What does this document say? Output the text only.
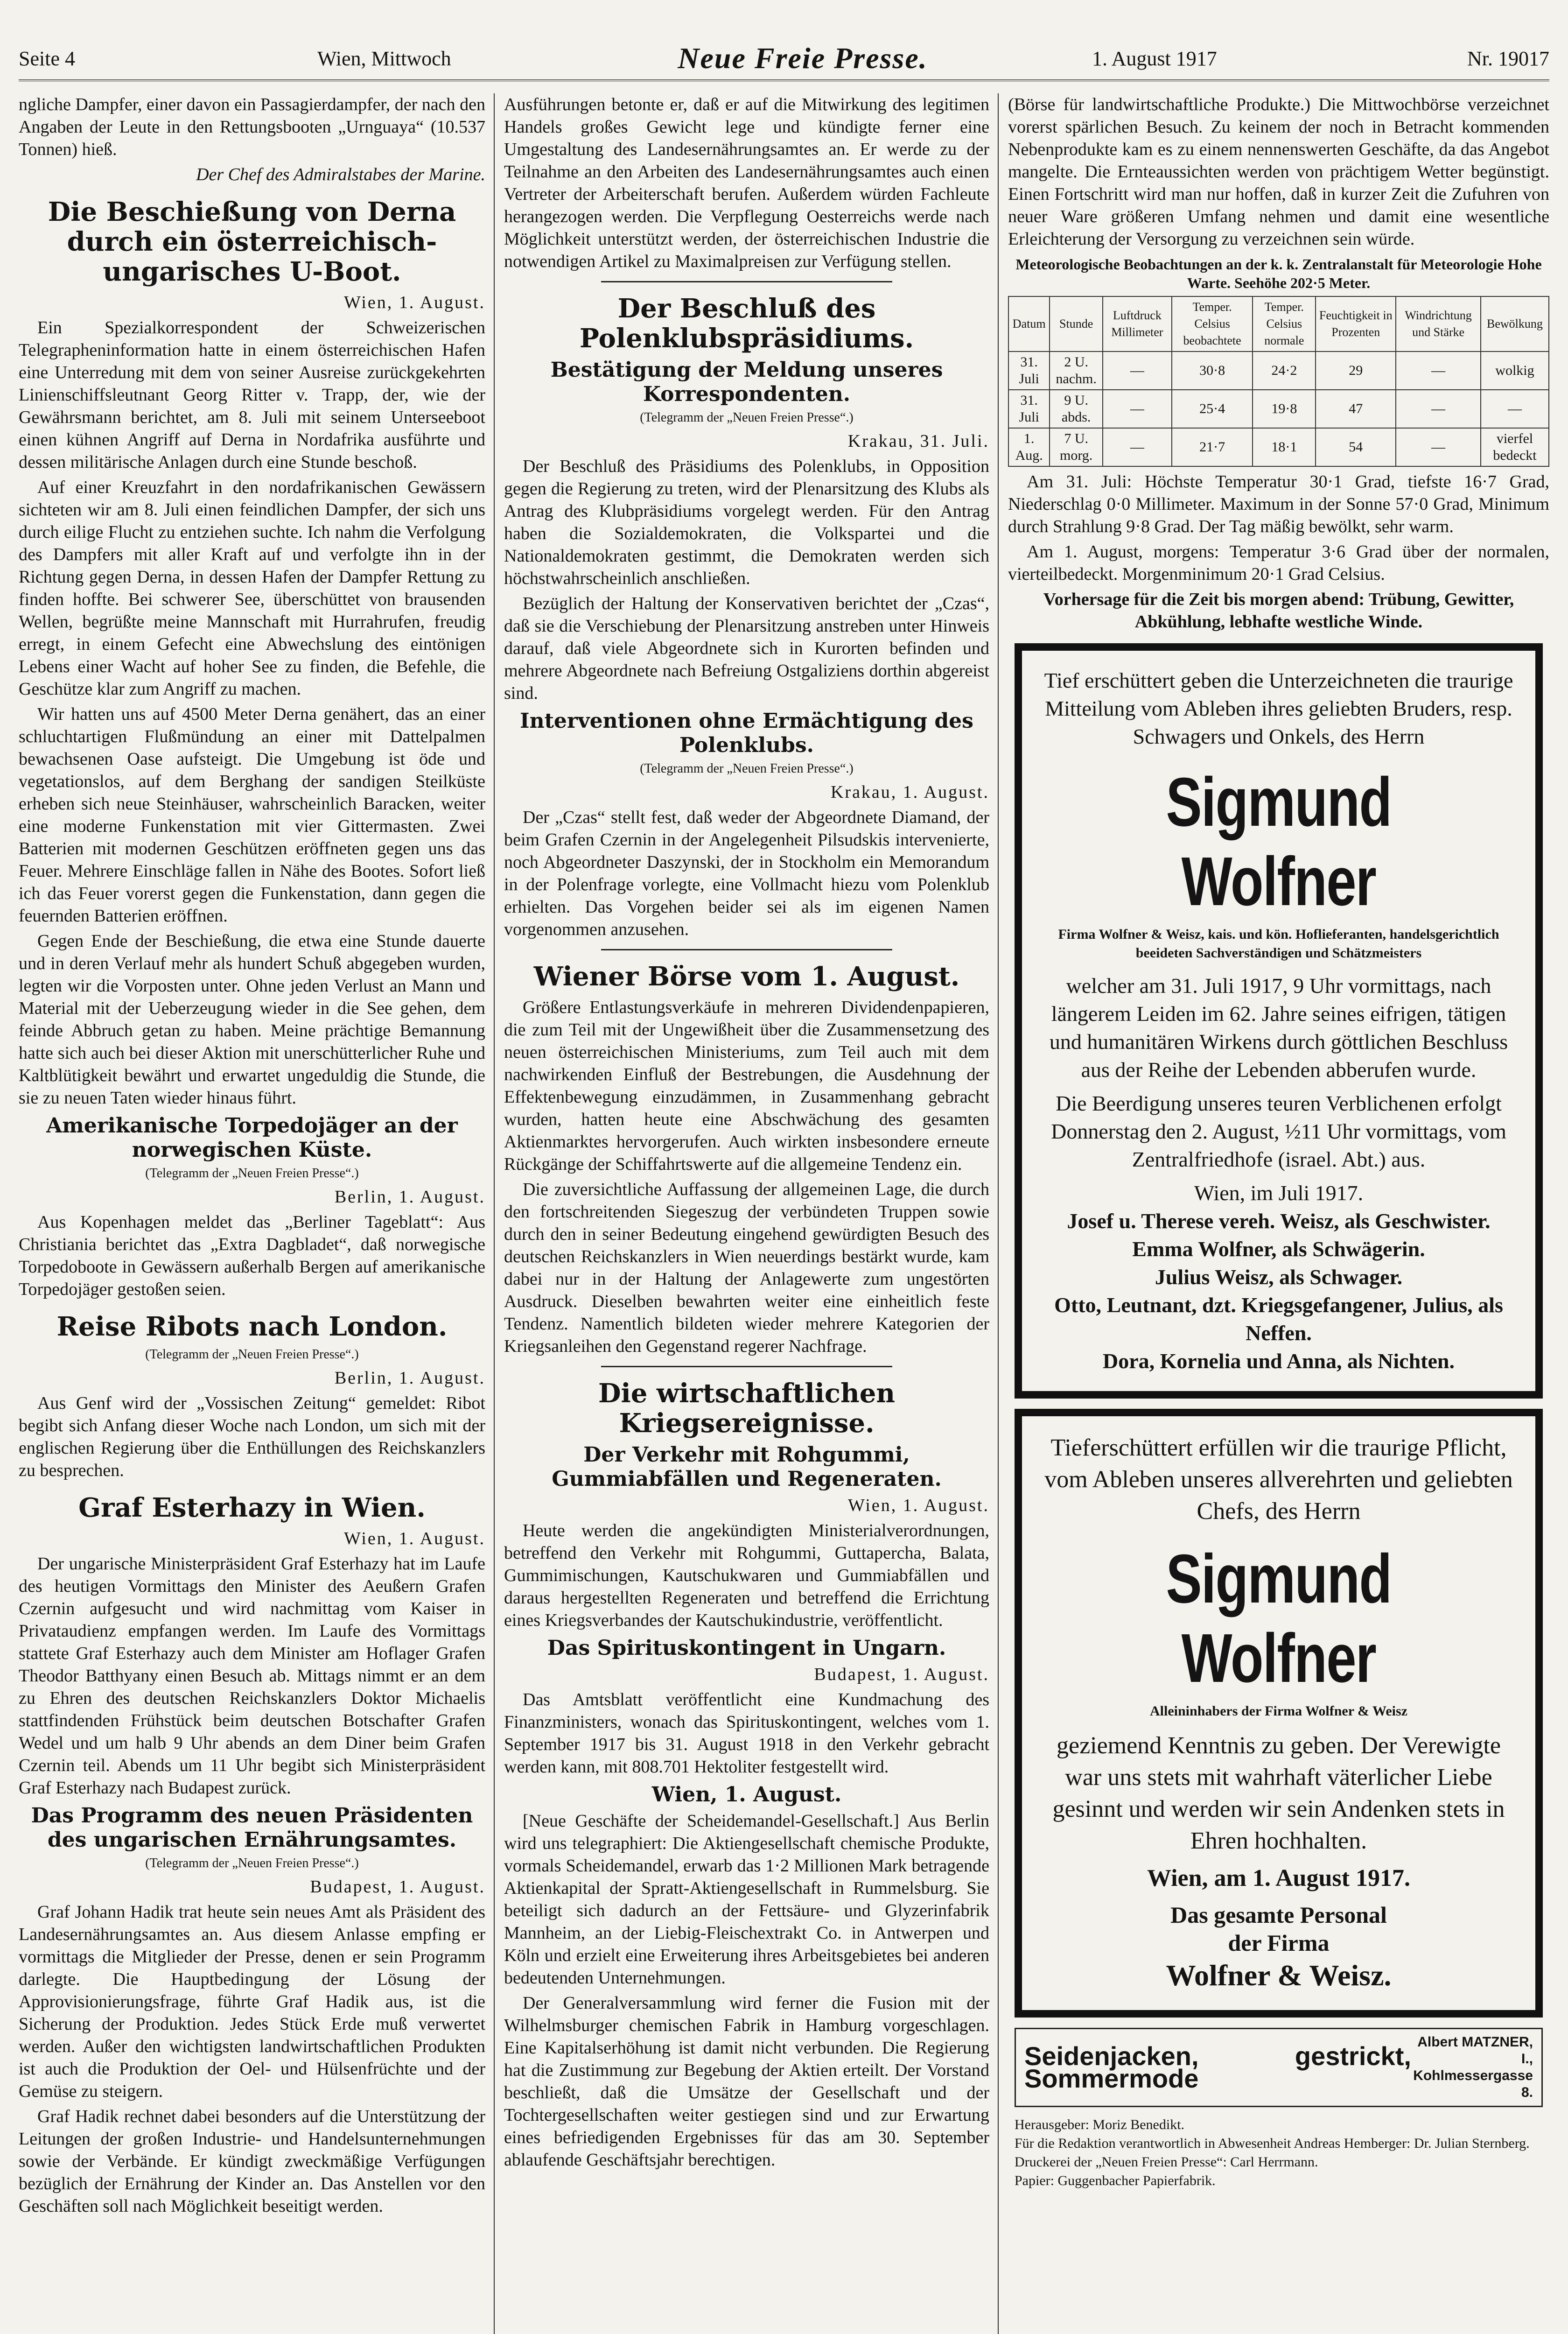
Seite 4	Wien, Mittwoch	Neue Freie Presse.	1. August 1917	Nr. 19017

ngliche Dampfer, einer davon ein Passagierdampfer, der nach den Angaben der Leute in den Rettungsbooten „Urnguaya“ (10.537 Tonnen) hieß.

Der Chef des Admiralstabes der Marine.

Die Beschießung von Derna durch ein österreichisch-ungarisches U-Boot.
Wien, 1. August.

Ein Spezialkorrespondent der Schweizerischen Telegrapheninformation hatte in einem österreichischen Hafen eine Unterredung mit dem von seiner Ausreise zurückgekehrten Linienschiffsleutnant Georg Ritter v. Trapp, der, wie der Gewährsmann berichtet, am 8. Juli mit seinem Unterseeboot einen kühnen Angriff auf Derna in Nordafrika ausführte und dessen militärische Anlagen durch eine Stunde beschoß.

Auf einer Kreuzfahrt in den nordafrikanischen Gewässern sichteten wir am 8. Juli einen feindlichen Dampfer, der sich uns durch eilige Flucht zu entziehen suchte. Ich nahm die Verfolgung des Dampfers mit aller Kraft auf und verfolgte ihn in der Richtung gegen Derna, in dessen Hafen der Dampfer Rettung zu finden hoffte. Bei schwerer See, überschüttet von brausenden Wellen, begrüßte meine Mannschaft mit Hurrahrufen, freudig erregt, in einem Gefecht eine Abwechslung des eintönigen Lebens einer Wacht auf hoher See zu finden, die Befehle, die Geschütze klar zum Angriff zu machen.

Wir hatten uns auf 4500 Meter Derna genähert, das an einer schluchtartigen Flußmündung an einer mit Dattelpalmen bewachsenen Oase aufsteigt. Die Umgebung ist öde und vegetationslos, auf dem Berghang der sandigen Steilküste erheben sich neue Steinhäuser, wahrscheinlich Baracken, weiter eine moderne Funkenstation mit vier Gittermasten. Zwei Batterien mit modernen Geschützen eröffneten gegen uns das Feuer. Mehrere Einschläge fallen in Nähe des Bootes. Sofort ließ ich das Feuer vorerst gegen die Funkenstation, dann gegen die feuernden Batterien eröffnen.

Gegen Ende der Beschießung, die etwa eine Stunde dauerte und in deren Verlauf mehr als hundert Schuß abgegeben wurden, legten wir die Vorposten unter. Ohne jeden Verlust an Mann und Material mit der Ueberzeugung wieder in die See gehen, dem feinde Abbruch getan zu haben. Meine prächtige Bemannung hatte sich auch bei dieser Aktion mit unerschütterlicher Ruhe und Kaltblütigkeit bewährt und erwartet ungeduldig die Stunde, die sie zu neuen Taten wieder hinaus führt.

Amerikanische Torpedojäger an der norwegischen Küste.
(Telegramm der „Neuen Freien Presse“.)
Berlin, 1. August.

Aus Kopenhagen meldet das „Berliner Tageblatt“: Aus Christiania berichtet das „Extra Dagbladet“, daß norwegische Torpedoboote in Gewässern außerhalb Bergen auf amerikanische Torpedojäger gestoßen seien.

Reise Ribots nach London.
(Telegramm der „Neuen Freien Presse“.)
Berlin, 1. August.

Aus Genf wird der „Vossischen Zeitung“ gemeldet: Ribot begibt sich Anfang dieser Woche nach London, um sich mit der englischen Regierung über die Enthüllungen des Reichskanzlers zu besprechen.

Graf Esterhazy in Wien.
Wien, 1. August.

Der ungarische Ministerpräsident Graf Esterhazy hat im Laufe des heutigen Vormittags den Minister des Aeußern Grafen Czernin aufgesucht und wird nachmittag vom Kaiser in Privataudienz empfangen werden. Im Laufe des Vormittags stattete Graf Esterhazy auch dem Minister am Hoflager Grafen Theodor Batthyany einen Besuch ab. Mittags nimmt er an dem zu Ehren des deutschen Reichskanzlers Doktor Michaelis stattfindenden Frühstück beim deutschen Botschafter Grafen Wedel und um halb 9 Uhr abends an dem Diner beim Grafen Czernin teil. Abends um 11 Uhr begibt sich Ministerpräsident Graf Esterhazy nach Budapest zurück.

Das Programm des neuen Präsidenten des ungarischen Ernährungsamtes.
(Telegramm der „Neuen Freien Presse“.)
Budapest, 1. August.

Graf Johann Hadik trat heute sein neues Amt als Präsident des Landesernährungsamtes an. Aus diesem Anlasse empfing er vormittags die Mitglieder der Presse, denen er sein Programm darlegte. Die Hauptbedingung der Lösung der Approvisionierungsfrage, führte Graf Hadik aus, ist die Sicherung der Produktion. Jedes Stück Erde muß verwertet werden. Außer den wichtigsten landwirtschaftlichen Produkten ist auch die Produktion der Oel- und Hülsenfrüchte und der Gemüse zu steigern.

Graf Hadik rechnet dabei besonders auf die Unterstützung der Leitungen der großen Industrie- und Handelsunternehmungen sowie der Verbände. Er kündigt zweckmäßige Verfügungen bezüglich der Ernährung der Kinder an. Das Anstellen vor den Geschäften soll nach Möglichkeit beseitigt werden.

Ausführungen betonte er, daß er auf die Mitwirkung des legitimen Handels großes Gewicht lege und kündigte ferner eine Umgestaltung des Landesernährungsamtes an. Er werde zu der Teilnahme an den Arbeiten des Landesernährungsamtes auch einen Vertreter der Arbeiterschaft berufen. Außerdem würden Fachleute herangezogen werden. Die Verpflegung Oesterreichs werde nach Möglichkeit unterstützt werden, der österreichischen Industrie die notwendigen Artikel zu Maximalpreisen zur Verfügung stellen.

Der Beschluß des Polenklubspräsidiums.
Bestätigung der Meldung unseres Korrespondenten.
(Telegramm der „Neuen Freien Presse“.)
Krakau, 31. Juli.

Der Beschluß des Präsidiums des Polenklubs, in Opposition gegen die Regierung zu treten, wird der Plenarsitzung des Klubs als Antrag des Klubpräsidiums vorgelegt werden. Für den Antrag haben die Sozialdemokraten, die Volkspartei und die Nationaldemokraten gestimmt, die Demokraten werden sich höchstwahrscheinlich anschließen.

Bezüglich der Haltung der Konservativen berichtet der „Czas“, daß sie die Verschiebung der Plenarsitzung anstreben unter Hinweis darauf, daß viele Abgeordnete sich in Kurorten befinden und mehrere Abgeordnete nach Befreiung Ostgaliziens dorthin abgereist sind.

Interventionen ohne Ermächtigung des Polenklubs.
(Telegramm der „Neuen Freien Presse“.)
Krakau, 1. August.

Der „Czas“ stellt fest, daß weder der Abgeordnete Diamand, der beim Grafen Czernin in der Angelegenheit Pilsudskis intervenierte, noch Abgeordneter Daszynski, der in Stockholm ein Memorandum in der Polenfrage vorlegte, eine Vollmacht hiezu vom Polenklub erhielten. Das Vorgehen beider sei als im eigenen Namen vorgenommen anzusehen.

Wiener Börse vom 1. August.

Größere Entlastungsverkäufe in mehreren Dividendenpapieren, die zum Teil mit der Ungewißheit über die Zusammensetzung des neuen österreichischen Ministeriums, zum Teil auch mit dem nachwirkenden Einfluß der Bestrebungen, die Ausdehnung der Effektenbewegung einzudämmen, in Zusammenhang gebracht wurden, hatten heute eine Abschwächung des gesamten Aktienmarktes hervorgerufen. Auch wirkten insbesondere erneute Rückgänge der Schiffahrtswerte auf die allgemeine Tendenz ein.

Die zuversichtliche Auffassung der allgemeinen Lage, die durch den fortschreitenden Siegeszug der verbündeten Truppen sowie durch den in seiner Bedeutung eingehend gewürdigten Besuch des deutschen Reichskanzlers in Wien neuerdings bestärkt wurde, kam dabei nur in der Haltung der Anlagewerte zum ungestörten Ausdruck. Dieselben bewahrten weiter eine einheitlich feste Tendenz. Namentlich bildeten wieder mehrere Kategorien der Kriegsanleihen den Gegenstand regerer Nachfrage.

Die wirtschaftlichen Kriegsereignisse.
Der Verkehr mit Rohgummi, Gummiabfällen und Regeneraten.
Wien, 1. August.

Heute werden die angekündigten Ministerialverordnungen, betreffend den Verkehr mit Rohgummi, Guttapercha, Balata, Gummimischungen, Kautschukwaren und Gummiabfällen und daraus hergestellten Regeneraten und betreffend die Errichtung eines Kriegsverbandes der Kautschukindustrie, veröffentlicht.

Das Spirituskontingent in Ungarn.
Budapest, 1. August.

Das Amtsblatt veröffentlicht eine Kundmachung des Finanzministers, wonach das Spirituskontingent, welches vom 1. September 1917 bis 31. August 1918 in den Verkehr gebracht werden kann, mit 808.701 Hektoliter festgestellt wird.

Wien, 1. August.

[Neue Geschäfte der Scheidemandel-Gesellschaft.] Aus Berlin wird uns telegraphiert: Die Aktiengesellschaft chemische Produkte, vormals Scheidemandel, erwarb das 1·2 Millionen Mark betragende Aktienkapital der Spratt-Aktiengesellschaft in Rummelsburg. Sie beteiligt sich dadurch an der Fettsäure- und Glyzerinfabrik Mannheim, an der Liebig-Fleischextrakt Co. in Antwerpen und Köln und erzielt eine Erweiterung ihres Arbeitsgebietes bei anderen bedeutenden Unternehmungen.

Der Generalversammlung wird ferner die Fusion mit der Wilhelmsburger chemischen Fabrik in Hamburg vorgeschlagen. Eine Kapitalserhöhung ist damit nicht verbunden. Die Regierung hat die Zustimmung zur Begebung der Aktien erteilt. Der Vorstand beschließt, daß die Umsätze der Gesellschaft und der Tochtergesellschaften weiter gestiegen sind und zur Erwartung eines befriedigenden Ergebnisses für das am 30. September ablaufende Geschäftsjahr berechtigen.

(Börse für landwirtschaftliche Produkte.) Die Mittwochbörse verzeichnet vorerst spärlichen Besuch. Zu keinem der noch in Betracht kommenden Nebenprodukte kam es zu einem nennenswerten Geschäfte, da das Angebot mangelte. Die Ernteaussichten werden von prächtigem Wetter begünstigt. Einen Fortschritt wird man nur hoffen, daß in kurzer Zeit die Zufuhren von neuer Ware größeren Umfang nehmen und damit eine wesentliche Erleichterung der Versorgung zu verzeichnen sein würde.

Meteorologische Beobachtungen an der k. k. Zentralanstalt für Meteorologie Hohe Warte. Seehöhe 202·5 Meter.
Datum	Stunde	Luftdruck Millimeter	Temper. Celsius beobachtete	Temper. Celsius normale	Feuchtigkeit in Prozenten	Windrichtung und Stärke	Bewölkung
31. Juli	2 U. nachm.	—	30·8	24·2	29	—	wolkig
31. Juli	9 U. abds.	—	25·4	19·8	47	—	—
1. Aug.	7 U. morg.	—	21·7	18·1	54	—	vierfel bedeckt

Am 31. Juli: Höchste Temperatur 30·1 Grad, tiefste 16·7 Grad, Niederschlag 0·0 Millimeter. Maximum in der Sonne 57·0 Grad, Minimum durch Strahlung 9·8 Grad. Der Tag mäßig bewölkt, sehr warm.

Am 1. August, morgens: Temperatur 3·6 Grad über der normalen, vierteilbedeckt. Morgenminimum 20·1 Grad Celsius.

Vorhersage für die Zeit bis morgen abend: Trübung, Gewitter, Abkühlung, lebhafte westliche Winde.

Tief erschüttert geben die Unterzeichneten die traurige Mitteilung vom Ableben ihres geliebten Bruders, resp. Schwagers und Onkels, des Herrn
Sigmund Wolfner
Firma Wolfner & Weisz, kais. und kön. Hoflieferanten, handelsgerichtlich beeideten Sachverständigen und Schätzmeisters
welcher am 31. Juli 1917, 9 Uhr vormittags, nach längerem Leiden im 62. Jahre seines eifrigen, tätigen und humanitären Wirkens durch göttlichen Beschluss aus der Reihe der Lebenden abberufen wurde.
Die Beerdigung unseres teuren Verblichenen erfolgt Donnerstag den 2. August, ½11 Uhr vormittags, vom Zentralfriedhofe (israel. Abt.) aus.
Wien, im Juli 1917.
Josef u. Therese vereh. Weisz, als Geschwister.
Emma Wolfner, als Schwägerin.
Julius Weisz, als Schwager.
Otto, Leutnant, dzt. Kriegsgefangener, Julius, als Neffen.
Dora, Kornelia und Anna, als Nichten.
Tieferschüttert erfüllen wir die traurige Pflicht, vom Ableben unseres allverehrten und geliebten Chefs, des Herrn
Sigmund Wolfner
Alleininhabers der Firma Wolfner & Weisz
geziemend Kenntnis zu geben. Der Verewigte war uns stets mit wahrhaft väterlicher Liebe gesinnt und werden wir sein Andenken stets in Ehren hochhalten.
Wien, am 1. August 1917.
Das gesamte Personal
der Firma
Wolfner & Weisz.
Seidenjacken, gestrickt, Sommermode
Albert MATZNER,
I., Kohlmessergasse 8.
Herausgeber: Moriz Benedikt.
Für die Redaktion verantwortlich in Abwesenheit Andreas Hemberger: Dr. Julian Sternberg.
Druckerei der „Neuen Freien Presse“: Carl Herrmann.
Papier: Guggenbacher Papierfabrik.
